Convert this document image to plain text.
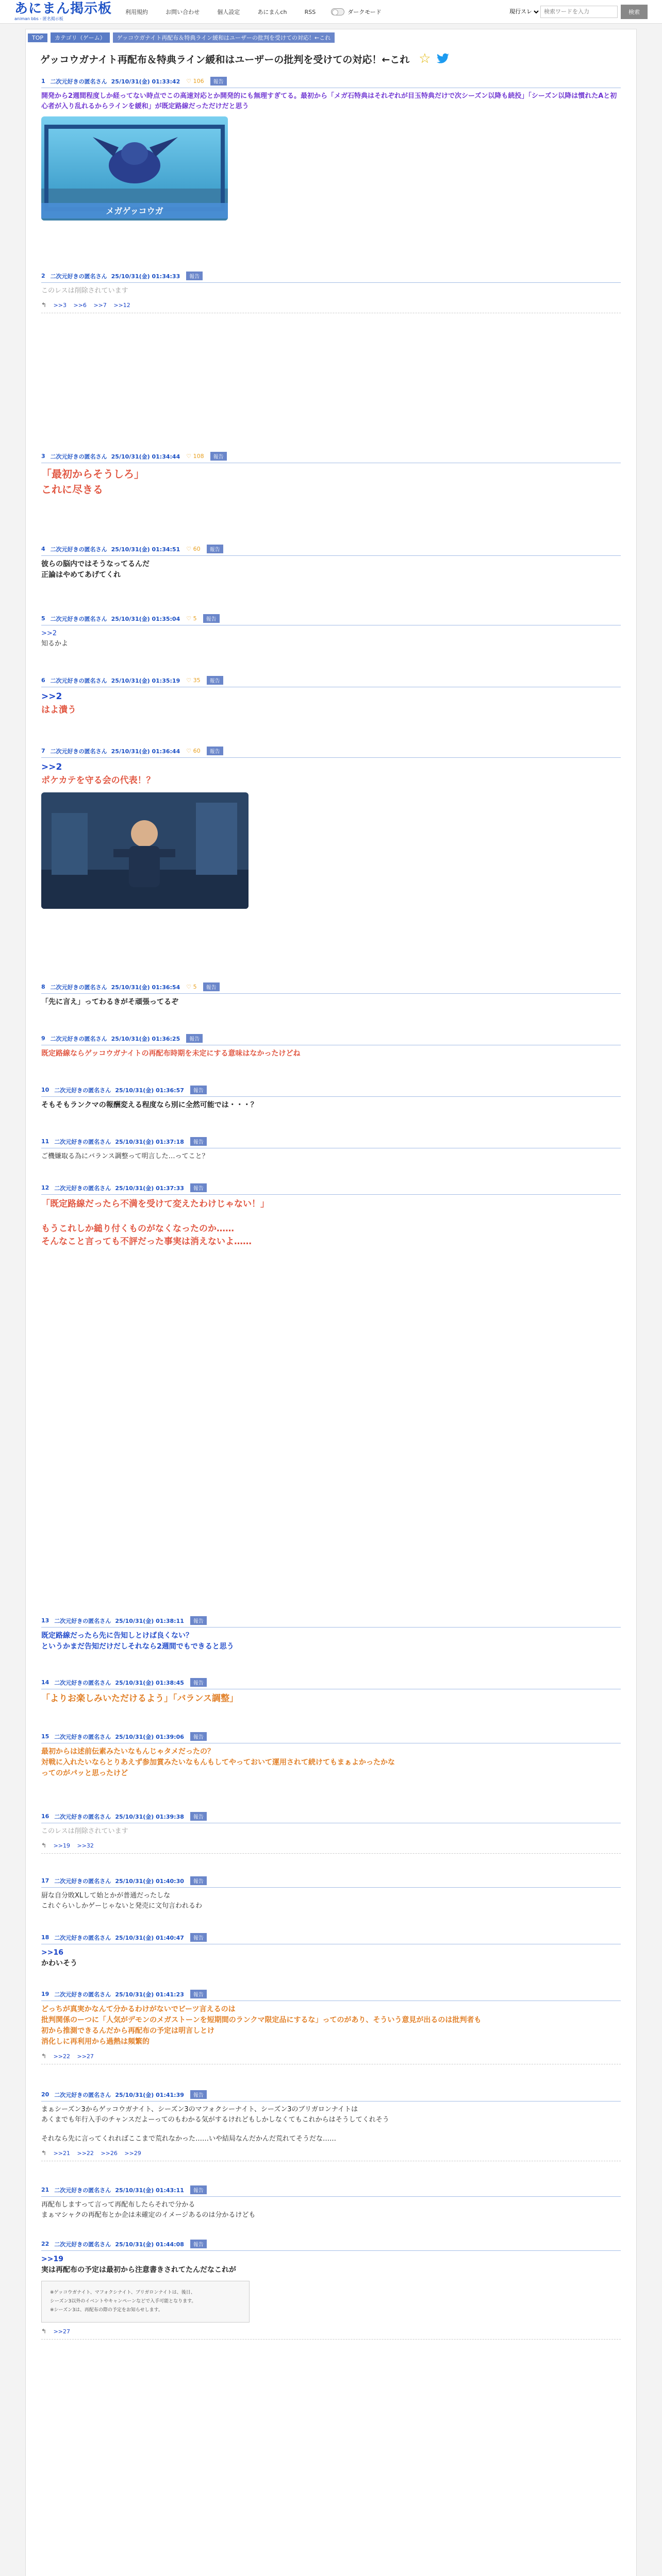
あにまん掲示板
animan bbs - 匿名掲示板
利用規約	お問い合わせ	個人設定	あにまんch	RSS	ダークモード
現行スレ
検索ワードを入力	検索
TOP	カテゴリ（ゲーム）	ゲッコウガナイト再配布＆特典ライン緩和はユーザーの批判を受けての対応！←これ
ゲッコウガナイト再配布＆特典ライン緩和はユーザーの批判を受けての対応！←これ ☆
1 二次元好きの匿名さん 25/10/31(金) 01:33:42 ♡ 106	報告
開発から2週間程度しか経ってない時点でこの高速対応とか開発的にも無理すぎてる。最初から「メガ石特典はそれぞれが目玉特典だけで次シーズン以降も続投」「シーズン以降は慣れたAと初心者が入り乱れるからラインを緩和」が既定路線だっただけだと思う
メガゲッコウガ
2 二次元好きの匿名さん 25/10/31(金) 01:34:33	報告
このレスは削除されています
↰ >>3 >>6 >>7 >>12
3 二次元好きの匿名さん 25/10/31(金) 01:34:44 ♡ 108	報告
「最初からそうしろ」
これに尽きる
4 二次元好きの匿名さん 25/10/31(金) 01:34:51 ♡ 60	報告
彼らの脳内ではそうなってるんだ
正論はやめてあげてくれ
5 二次元好きの匿名さん 25/10/31(金) 01:35:04 ♡ 5	報告
>>2
知るかよ
6 二次元好きの匿名さん 25/10/31(金) 01:35:19 ♡ 35	報告
>>2
はよ潰う
7 二次元好きの匿名さん 25/10/31(金) 01:36:44 ♡ 60	報告
>>2
ポケカテを守る会の代表！？
8 二次元好きの匿名さん 25/10/31(金) 01:36:54 ♡ 5	報告
「先に言え」ってわるきがそ頑張ってるぞ
9 二次元好きの匿名さん 25/10/31(金) 01:36:25	報告
既定路線ならゲッコウガナイトの再配布時期を未定にする意味はなかったけどね
10 二次元好きの匿名さん 25/10/31(金) 01:36:57	報告
そもそもランクマの報酬変える程度なら別に全然可能では・・・？
11 二次元好きの匿名さん 25/10/31(金) 01:37:18	報告
ご機嫌取る為にバランス調整って明言した…ってこと？
12 二次元好きの匿名さん 25/10/31(金) 01:37:33	報告
「既定路線だったら不満を受けて変えたわけじゃない！」
もうこれしか縋り付くものがなくなったのか……
そんなこと言っても不評だった事実は消えないよ……
13 二次元好きの匿名さん 25/10/31(金) 01:38:11	報告
既定路線だったら先に告知しとけば良くない？
というかまだ告知だけだしそれなら2週間でもできると思う
14 二次元好きの匿名さん 25/10/31(金) 01:38:45	報告
「よりお楽しみいただけるよう」「バランス調整」
15 二次元好きの匿名さん 25/10/31(金) 01:39:06	報告
最初からは述前伝素みたいなもんじゃタメだったの？
対戦に入れたいならとりあえず参加賞みたいなもんもしてやっておいて運用されて続けてもまぁよかったかな
ってのがパッと思ったけど
16 二次元好きの匿名さん 25/10/31(金) 01:39:38	報告
このレスは削除されています
↰ >>19 >>32
17 二次元好きの匿名さん 25/10/31(金) 01:40:30	報告
厨な自分敗XLして始とかが普通だったしな
これぐらいしかゲーじゃないと発売に文句言われるわ
18 二次元好きの匿名さん 25/10/31(金) 01:40:47	報告
>>16
かわいそう
19 二次元好きの匿名さん 25/10/31(金) 01:41:23	報告
どっちが真実かなんて分かるわけがないでビーツ言えるのは
批判関係のーつに「人気がデモンのメガストーンを短期間のランクマ限定品にするな」ってのがあり、そういう意見が出るのは批判者も
初から推測できるんだから再配布の予定は明言しとけ
消化しに再利用から過熱は頻繁的
↰ >>22 >>27
20 二次元好きの匿名さん 25/10/31(金) 01:41:39	報告
まぁシーズン3からゲッコウガナイト、シーズン3のマフォクシーナイト、シーズン3のブリガロンナイトは
あくまでも年行入手のチャンスだよーってのもわかる気がするけれどもしかしなくてもこれからはそうしてくれそう
それなら先に言ってくれればここまで荒れなかった……いや結局なんだかんだ荒れてそうだな……
↰ >>21 >>22 >>26 >>29
21 二次元好きの匿名さん 25/10/31(金) 01:43:11	報告
再配布しますって言って再配布したらそれで分かる
まぁマシャクの再配布とか企は未確定のイメージあるのは分かるけども
22 二次元好きの匿名さん 25/10/31(金) 01:44:08	報告
>>19
実は再配布の予定は最初から注意書きされてたんだなこれが
※ゲッコウガナイト、マフォクシナイト、ブリガロンナイトは、後日、
シーズン3以外のイベントやキャンペーンなどで入手可能となります。
※シーズン3は、再配布の際の予定をお知らせします。
↰ >>27
